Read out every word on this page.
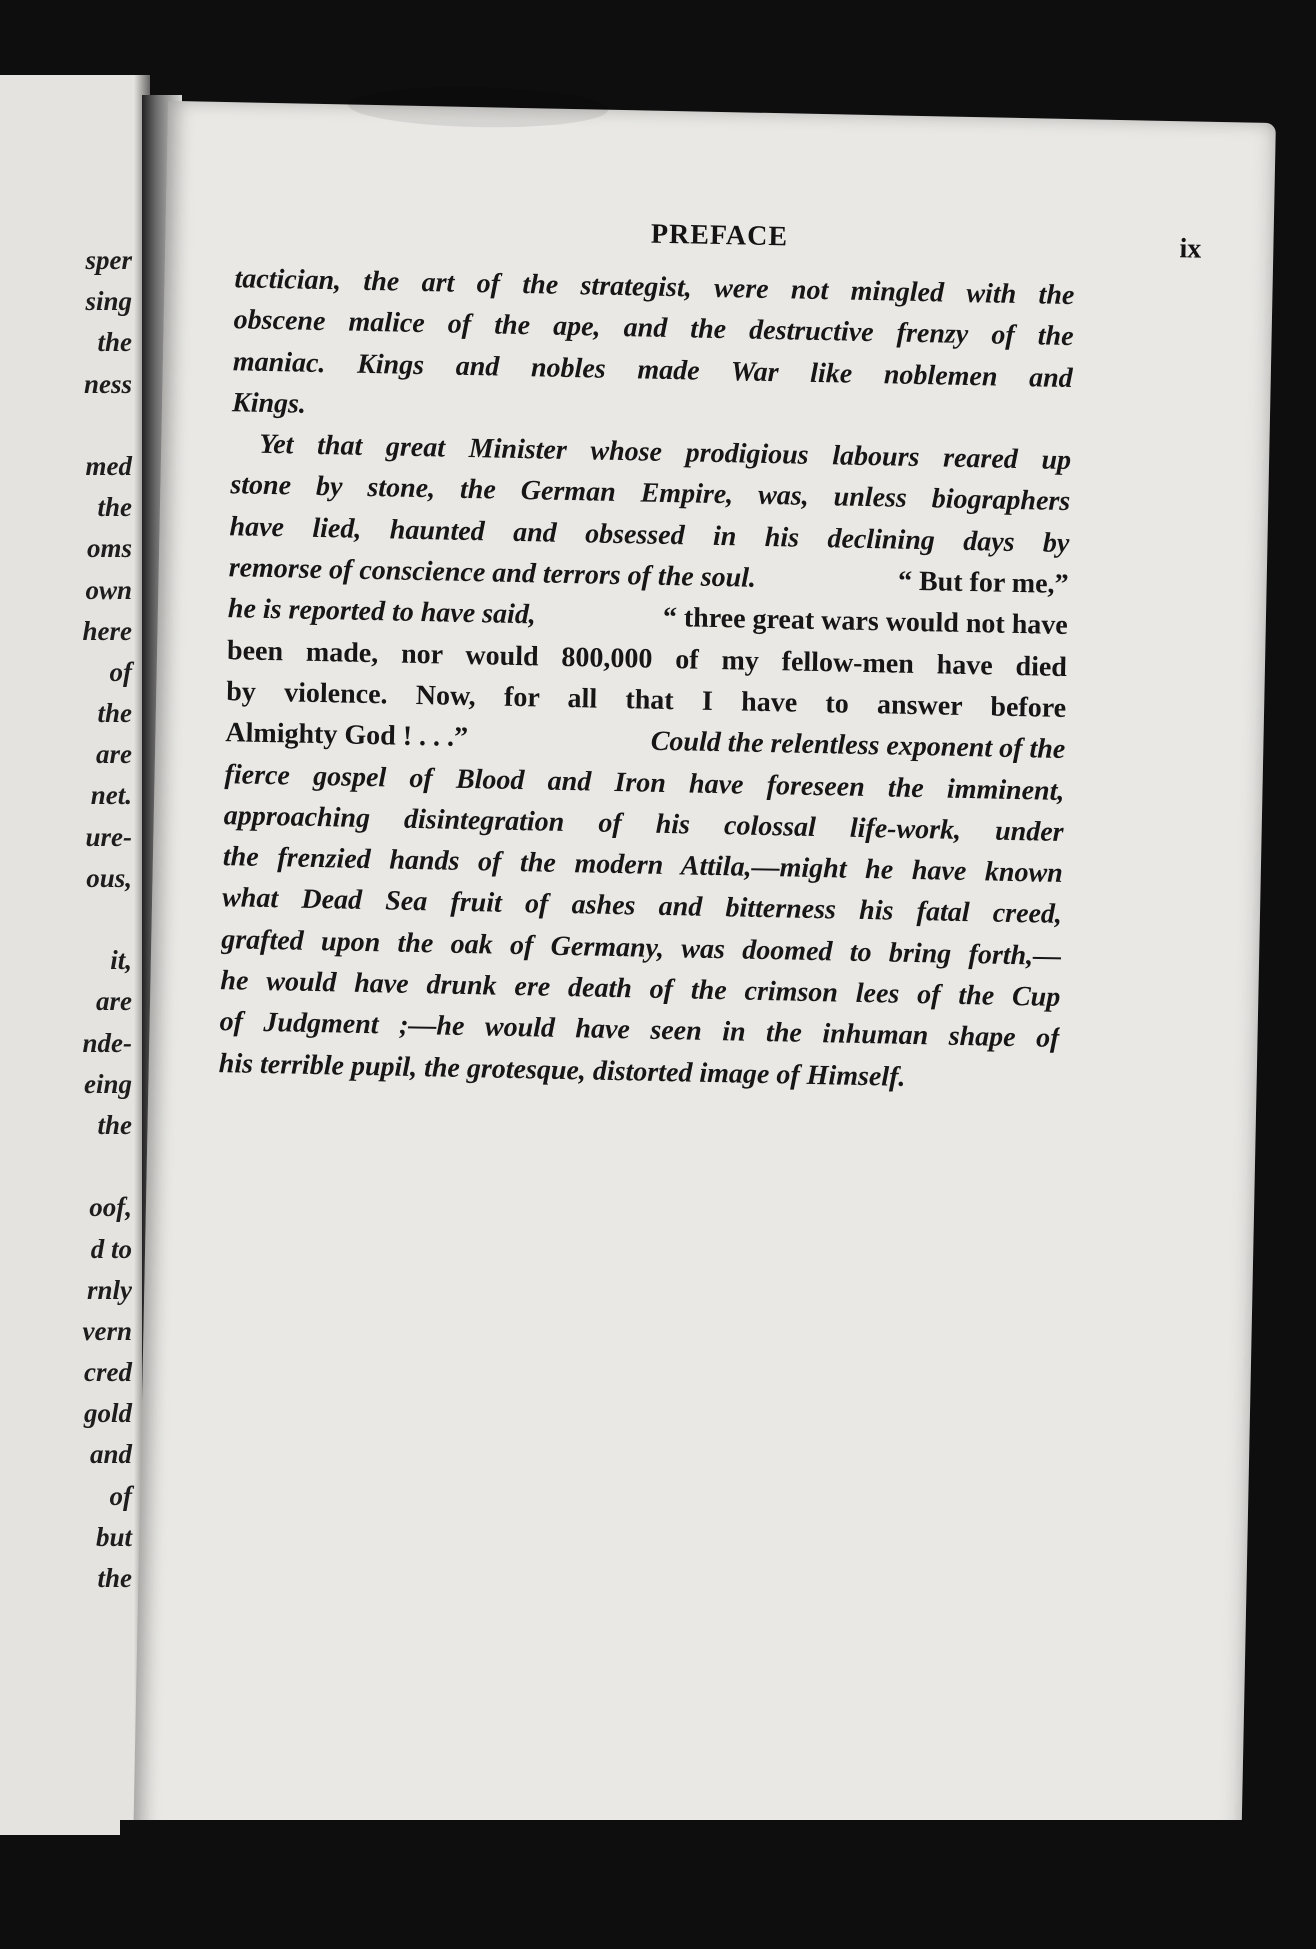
sper
sing
the
ness
med
the
oms
own
here
of
the
are
net.
ure-
ous,
it,
are
nde-
eing
the
oof,
d to
rnly
vern
cred
gold
and
of
but
the
PREFACE	ix
tactician, the art of the strategist, were not mingled with the
obscene malice of the ape, and the destructive frenzy of the
maniac. Kings and nobles made War like noblemen and
Kings.
Yet that great Minister whose prodigious labours reared up
stone by stone, the German Empire, was, unless biographers
have lied, haunted and obsessed in his declining days by
remorse of conscience and terrors of the soul.	“ But for me,”
he is reported to have said,	“ three great wars would not have
been made, nor would 800,000 of my fellow-men have died
by violence. Now, for all that I have to answer before
Almighty God ! . . .”	Could the relentless exponent of the
fierce gospel of Blood and Iron have foreseen the imminent,
approaching disintegration of his colossal life-work, under
the frenzied hands of the modern Attila,—might he have known
what Dead Sea fruit of ashes and bitterness his fatal creed,
grafted upon the oak of Germany, was doomed to bring forth,—
he would have drunk ere death of the crimson lees of the Cup
of Judgment ;—he would have seen in the inhuman shape of
his terrible pupil, the grotesque, distorted image of Himself.
